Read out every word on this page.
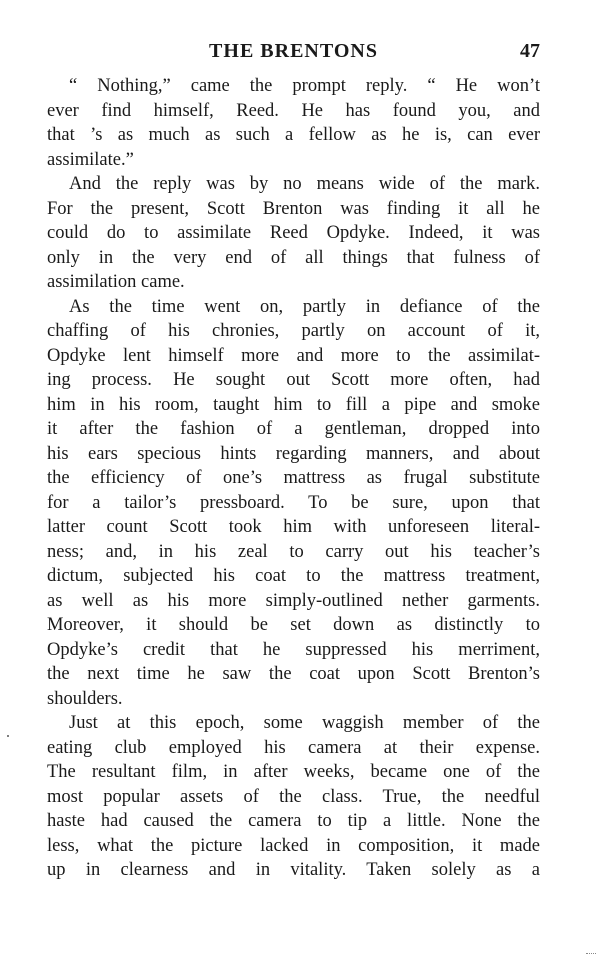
THE BRENTONS	47
“ Nothing,” came the prompt reply. “ He won’t
ever find himself, Reed. He has found you, and
that ’s as much as such a fellow as he is, can ever
assimilate.”
And the reply was by no means wide of the mark.
For the present, Scott Brenton was finding it all he
could do to assimilate Reed Opdyke. Indeed, it was
only in the very end of all things that fulness of
assimilation came.
As the time went on, partly in defiance of the
chaffing of his chronies, partly on account of it,
Opdyke lent himself more and more to the assimilat-
ing process. He sought out Scott more often, had
him in his room, taught him to fill a pipe and smoke
it after the fashion of a gentleman, dropped into
his ears specious hints regarding manners, and about
the efficiency of one’s mattress as frugal substitute
for a tailor’s pressboard. To be sure, upon that
latter count Scott took him with unforeseen literal-
ness; and, in his zeal to carry out his teacher’s
dictum, subjected his coat to the mattress treatment,
as well as his more simply-outlined nether garments.
Moreover, it should be set down as distinctly to
Opdyke’s credit that he suppressed his merriment,
the next time he saw the coat upon Scott Brenton’s
shoulders.
Just at this epoch, some waggish member of the
eating club employed his camera at their expense.
The resultant film, in after weeks, became one of the
most popular assets of the class. True, the needful
haste had caused the camera to tip a little. None the
less, what the picture lacked in composition, it made
up in clearness and in vitality. Taken solely as a
